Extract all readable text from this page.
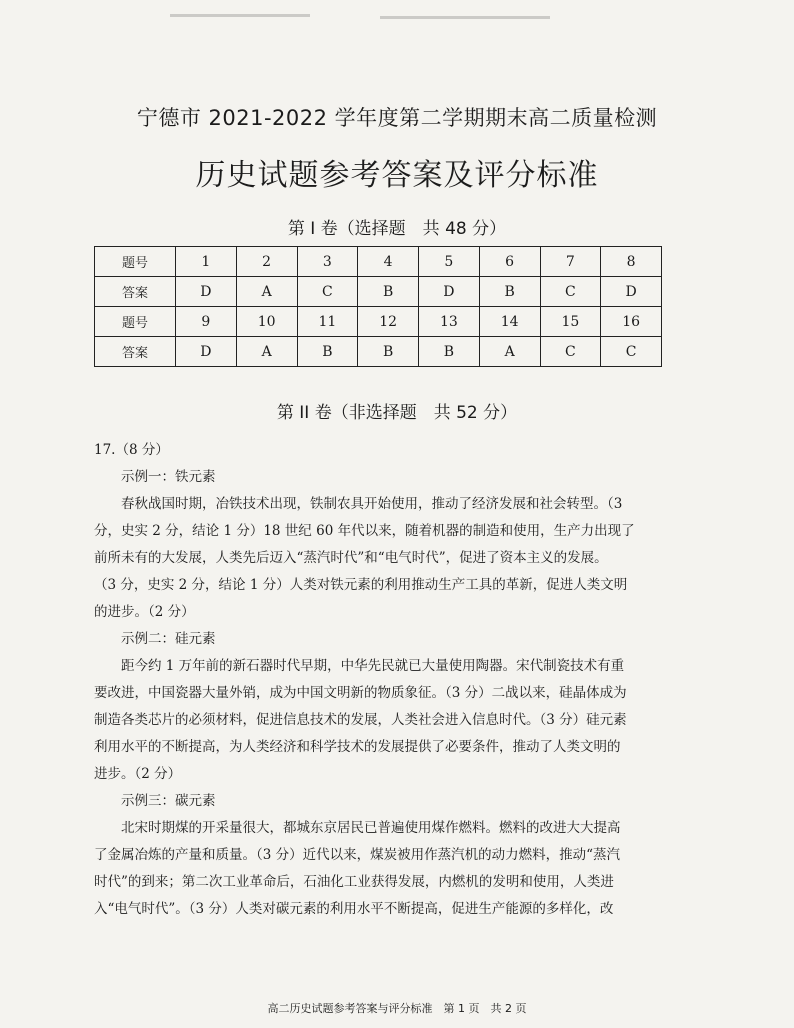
宁德市 2021-2022 学年度第二学期期末高二质量检测
历史试题参考答案及评分标准
第 I 卷（选择题　共 48 分）
题号	1	2	3	4	5	6	7	8
答案	D	A	C	B	D	B	C	D
题号	9	10	11	12	13	14	15	16
答案	D	A	B	B	B	A	C	C
第 II 卷（非选择题　共 52 分）
17.（8 分）
示例一：铁元素
春秋战国时期，冶铁技术出现，铁制农具开始使用，推动了经济发展和社会转型。（3
分，史实 2 分，结论 1 分）18 世纪 60 年代以来，随着机器的制造和使用，生产力出现了
前所未有的大发展，人类先后迈入“蒸汽时代”和“电气时代”，促进了资本主义的发展。
（3 分，史实 2 分，结论 1 分）人类对铁元素的利用推动生产工具的革新，促进人类文明
的进步。（2 分）
示例二：硅元素
距今约 1 万年前的新石器时代早期，中华先民就已大量使用陶器。宋代制瓷技术有重
要改进，中国瓷器大量外销，成为中国文明新的物质象征。（3 分）二战以来，硅晶体成为
制造各类芯片的必须材料，促进信息技术的发展，人类社会进入信息时代。（3 分）硅元素
利用水平的不断提高，为人类经济和科学技术的发展提供了必要条件，推动了人类文明的
进步。（2 分）
示例三：碳元素
北宋时期煤的开采量很大，都城东京居民已普遍使用煤作燃料。燃料的改进大大提高
了金属冶炼的产量和质量。（3 分）近代以来，煤炭被用作蒸汽机的动力燃料，推动“蒸汽
时代”的到来；第二次工业革命后，石油化工业获得发展，内燃机的发明和使用，人类进
入“电气时代”。（3 分）人类对碳元素的利用水平不断提高，促进生产能源的多样化，改
高二历史试题参考答案与评分标准　第 1 页　共 2 页
